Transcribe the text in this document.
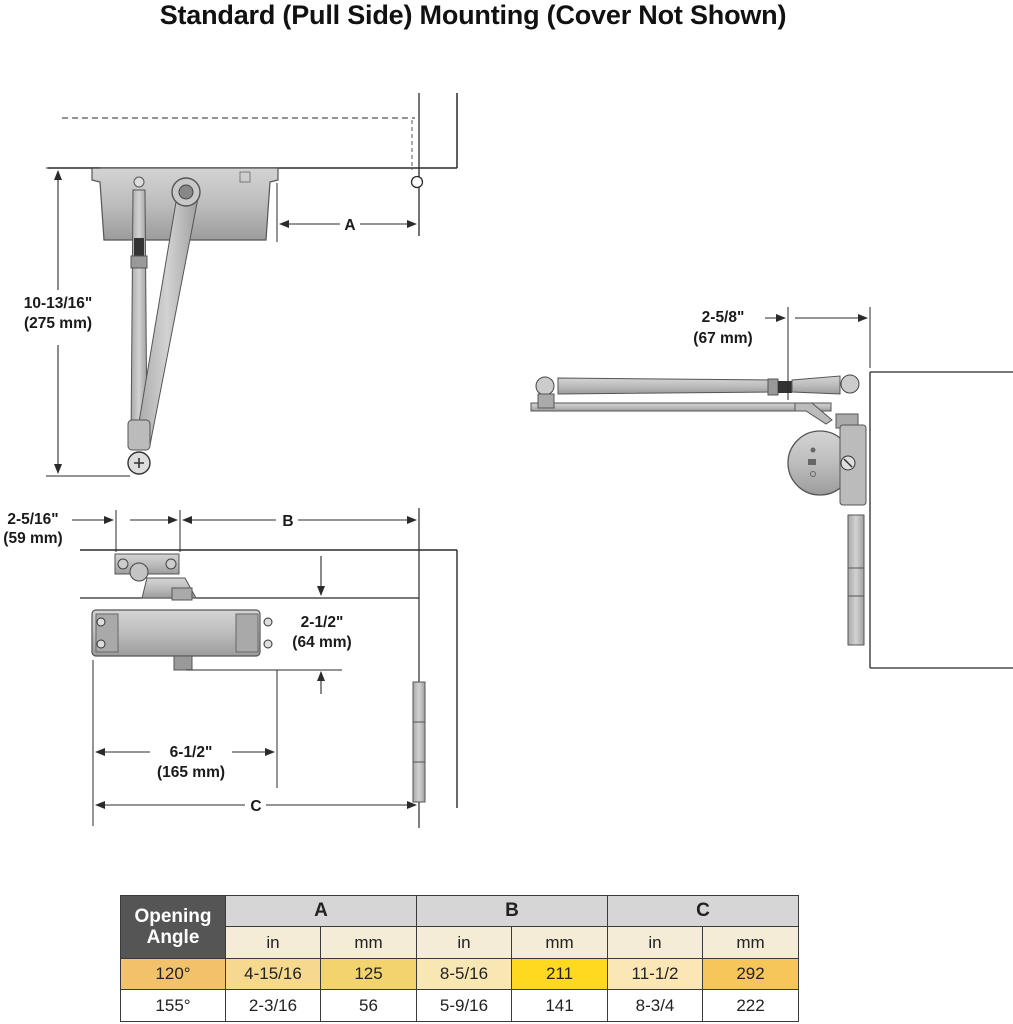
Standard (Pull Side) Mounting (Cover Not Shown)
10-13/16"
(275 mm)
A
2-5/16"
(59 mm)
B
2-1/2"
(64 mm)
6-1/2"
(165 mm)
C
2-5/8"
(67 mm)
Opening
Angle	A		B		C	
	in	mm	in	mm	in	mm
120°	4-15/16	125	8-5/16	211	11-1/2	292
155°	2-3/16	56	5-9/16	141	8-3/4	222
